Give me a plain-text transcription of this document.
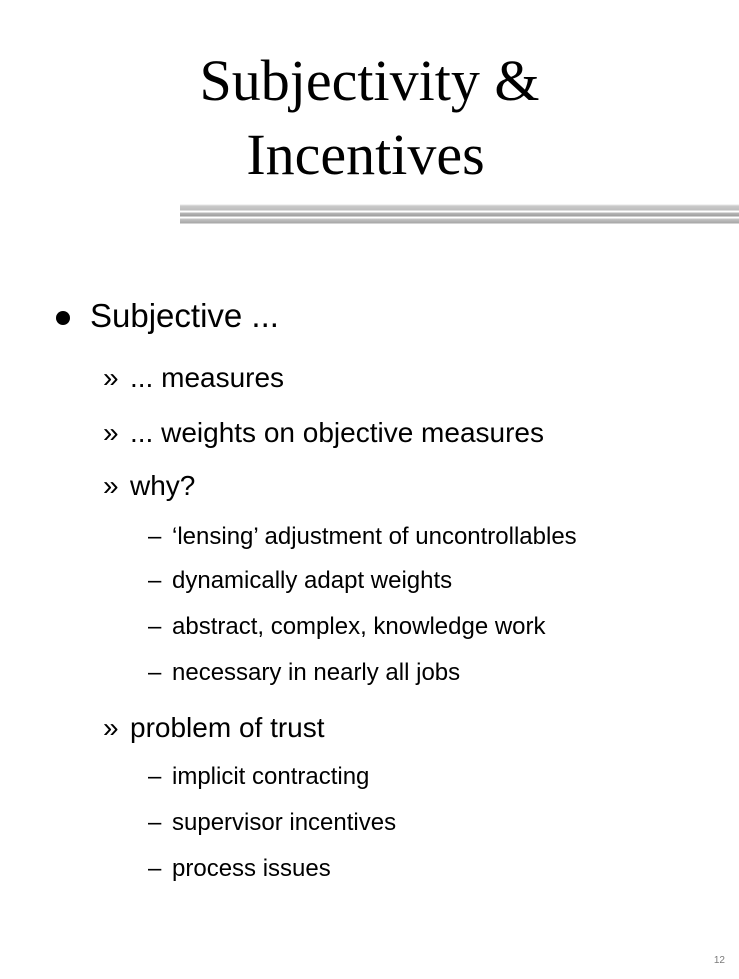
Subjectivity &
Incentives
Subjective ...
» ... measures
» ... weights on objective measures
» why?
– ‘lensing’ adjustment of uncontrollables
– dynamically adapt weights
– abstract, complex, knowledge work
– necessary in nearly all jobs
» problem of trust
– implicit contracting
– supervisor incentives
– process issues
12
